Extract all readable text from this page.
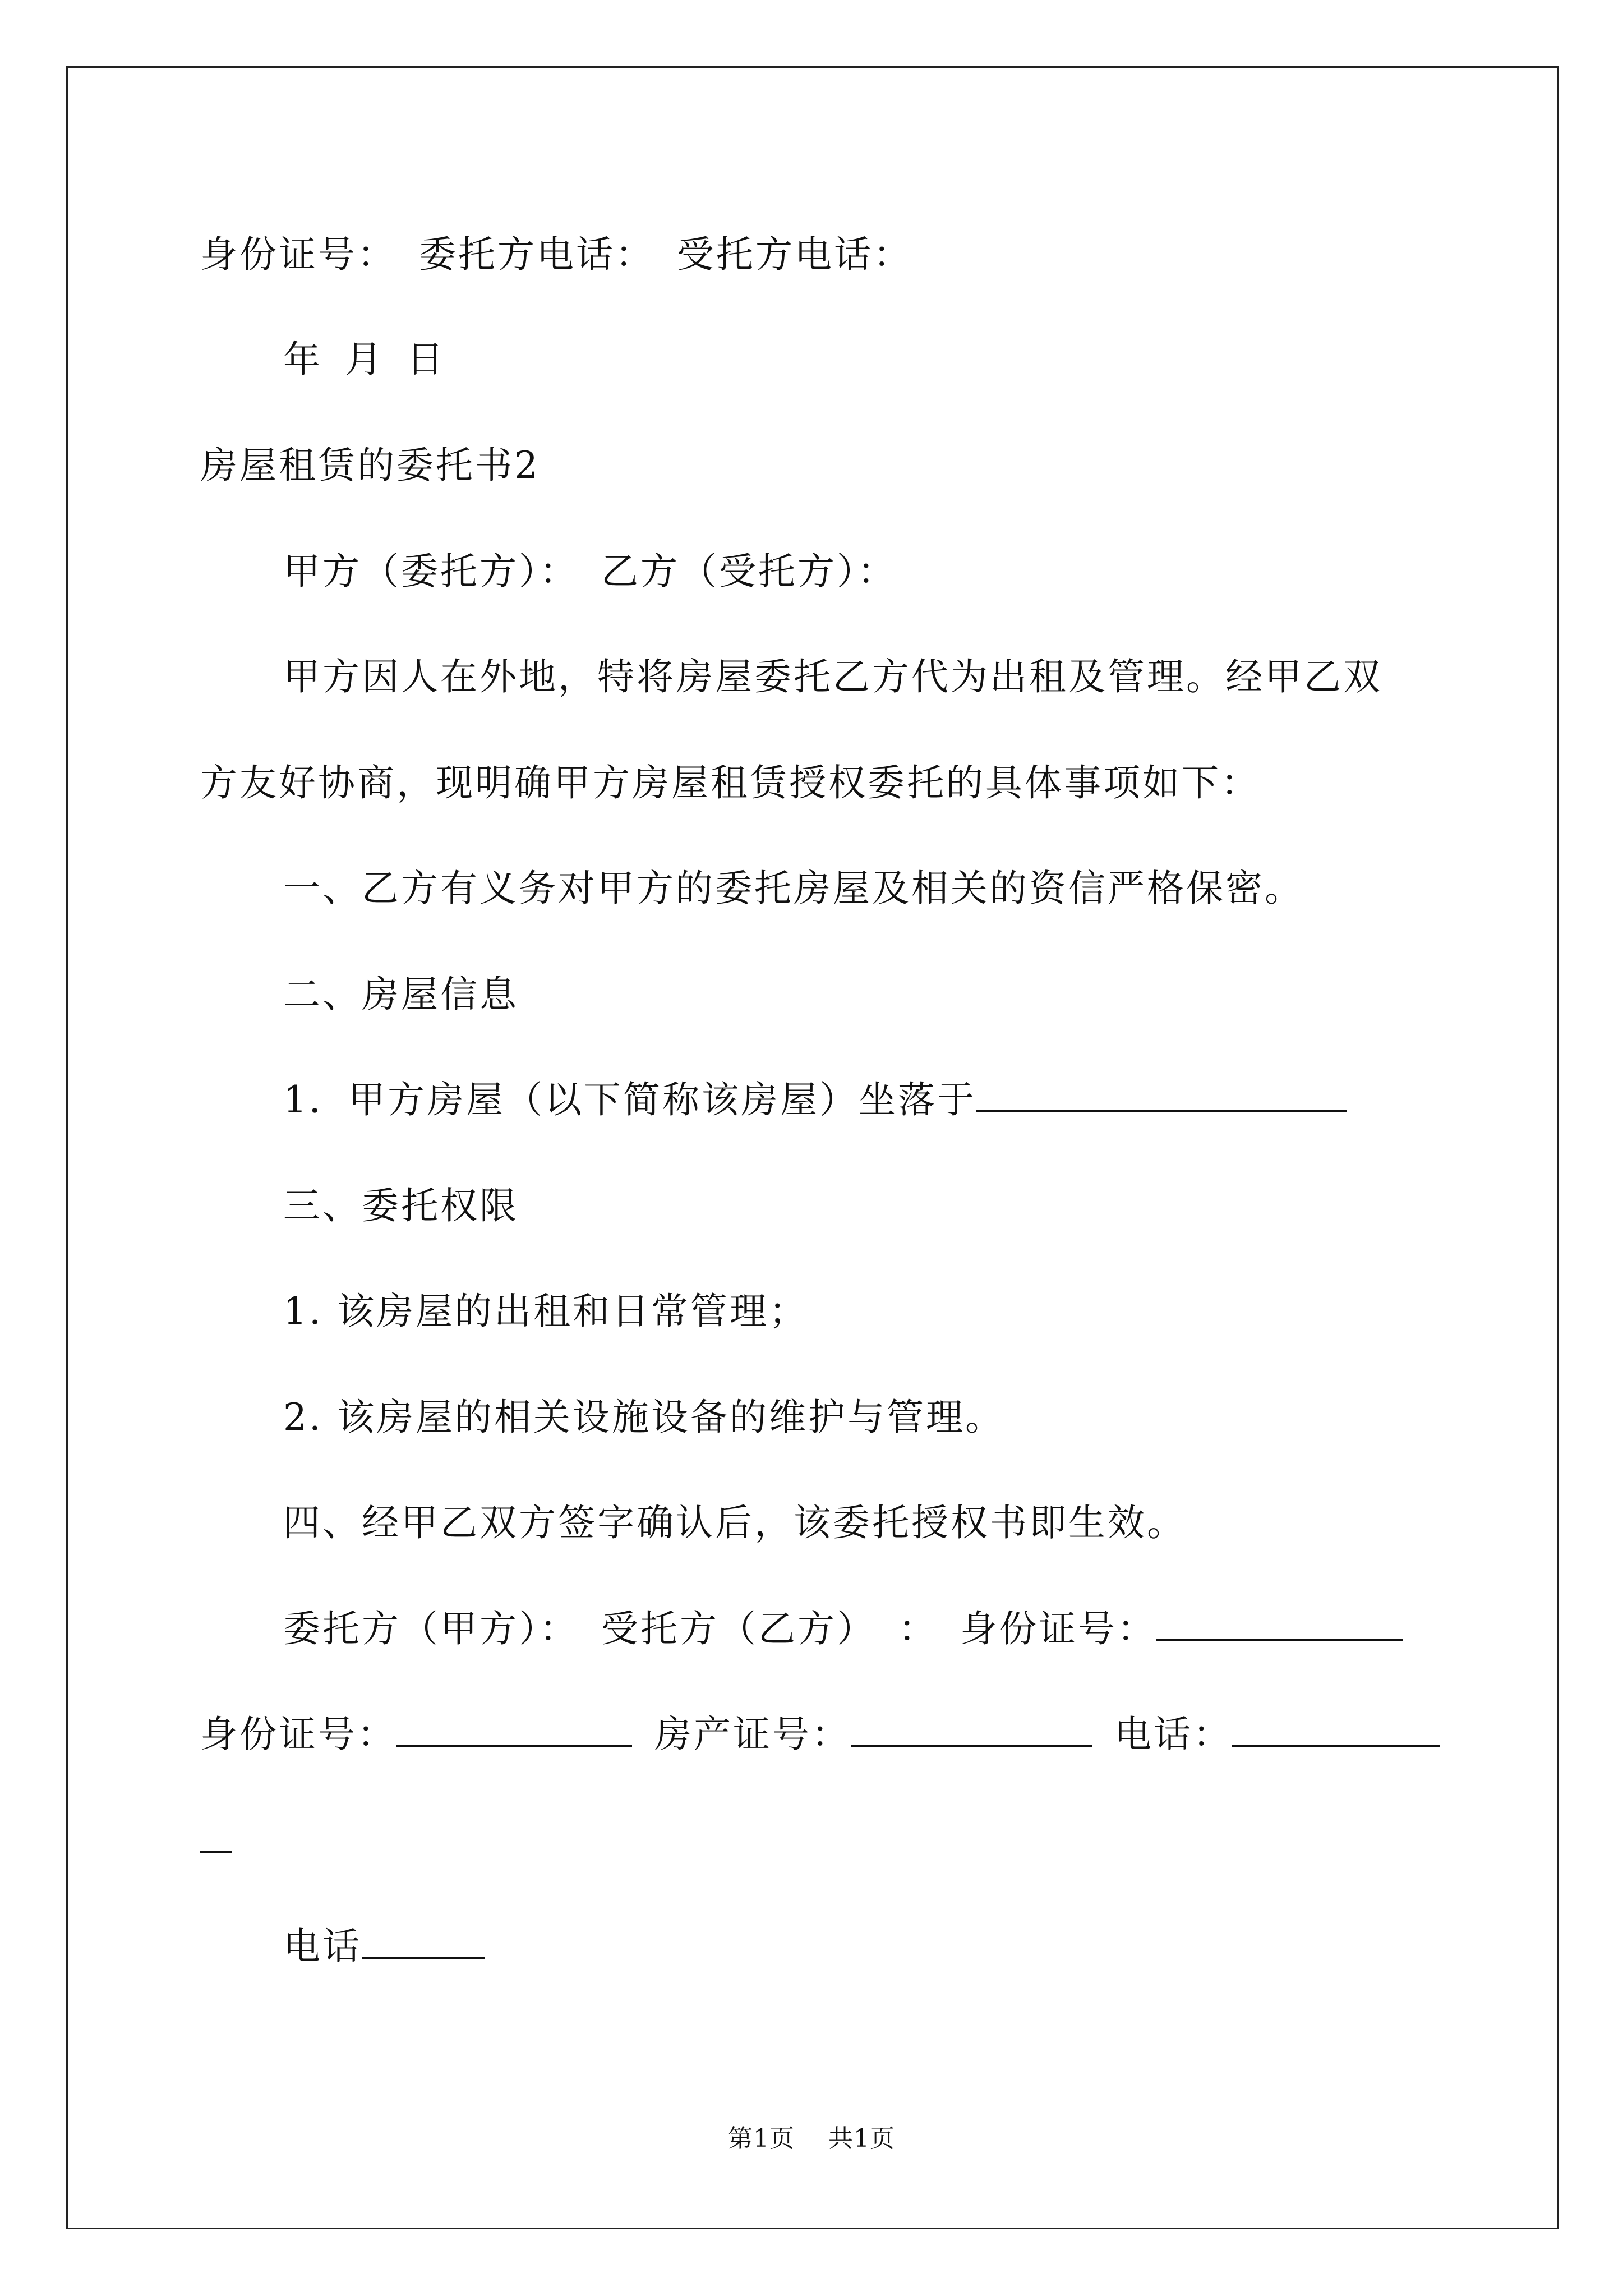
身份证号： 委托方电话： 受托方电话：
年 月 日
房屋租赁的委托书2
甲方（委托方）： 乙方（受托方）：
甲方因人在外地，特将房屋委托乙方代为出租及管理。经甲乙双
方友好协商，现明确甲方房屋租赁授权委托的具体事项如下：
一、乙方有义务对甲方的委托房屋及相关的资信严格保密。
二、房屋信息
1．甲方房屋（以下简称该房屋）坐落于
三、委托权限
1. 该房屋的出租和日常管理；
2. 该房屋的相关设施设备的维护与管理。
四、经甲乙双方签字确认后，该委托授权书即生效。
委托方（甲方）： 受托方（乙方） ： 身份证号：
身份证号：	房产证号：	电话：
电话
第1页 共1页
